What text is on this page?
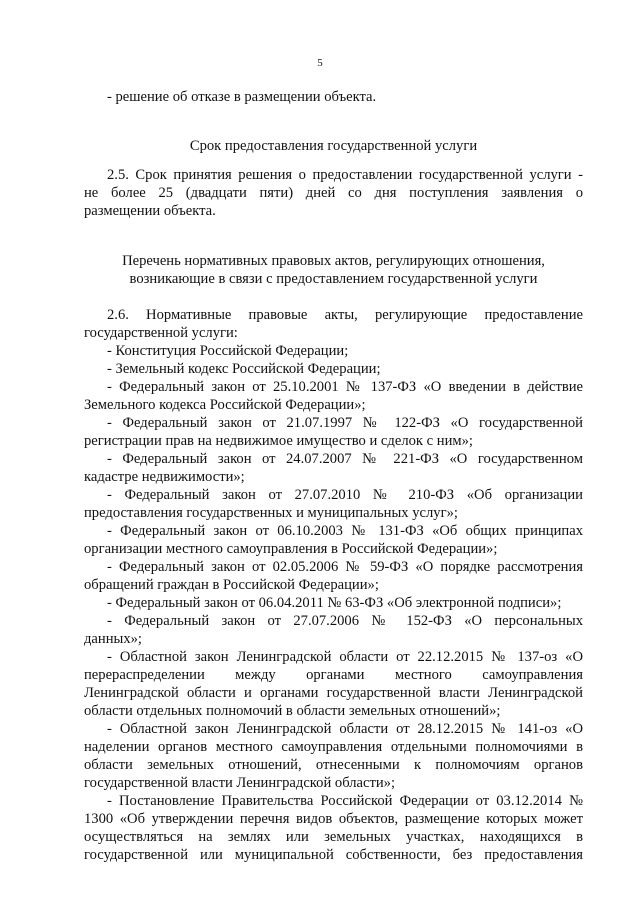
5
- решение об отказе в размещении объекта.
Срок предоставления государственной услуги
2.5. Срок принятия решения о предоставлении государственной услуги -
не более 25 (двадцати пяти) дней со дня поступления заявления о
размещении объекта.
Перечень нормативных правовых актов, регулирующих отношения,
возникающие в связи с предоставлением государственной услуги
2.6. Нормативные правовые акты, регулирующие предоставление
государственной услуги:
- Конституция Российской Федерации;
- Земельный кодекс Российской Федерации;
- Федеральный закон от 25.10.2001 № 137-ФЗ «О введении в действие
Земельного кодекса Российской Федерации»;
- Федеральный закон от 21.07.1997 № 122-ФЗ «О государственной
регистрации прав на недвижимое имущество и сделок с ним»;
- Федеральный закон от 24.07.2007 № 221-ФЗ «О государственном
кадастре недвижимости»;
- Федеральный закон от 27.07.2010 № 210-ФЗ «Об организации
предоставления государственных и муниципальных услуг»;
- Федеральный закон от 06.10.2003 № 131-ФЗ «Об общих принципах
организации местного самоуправления в Российской Федерации»;
- Федеральный закон от 02.05.2006 № 59-ФЗ «О порядке рассмотрения
обращений граждан в Российской Федерации»;
- Федеральный закон от 06.04.2011 № 63-ФЗ «Об электронной подписи»;
- Федеральный закон от 27.07.2006 № 152-ФЗ «О персональных
данных»;
- Областной закон Ленинградской области от 22.12.2015 № 137-оз «О
перераспределении между органами местного самоуправления
Ленинградской области и органами государственной власти Ленинградской
области отдельных полномочий в области земельных отношений»;
- Областной закон Ленинградской области от 28.12.2015 № 141-оз «О
наделении органов местного самоуправления отдельными полномочиями в
области земельных отношений, отнесенными к полномочиям органов
государственной власти Ленинградской области»;
- Постановление Правительства Российской Федерации от 03.12.2014 №
1300 «Об утверждении перечня видов объектов, размещение которых может
осуществляться на землях или земельных участках, находящихся в
государственной или муниципальной собственности, без предоставления
